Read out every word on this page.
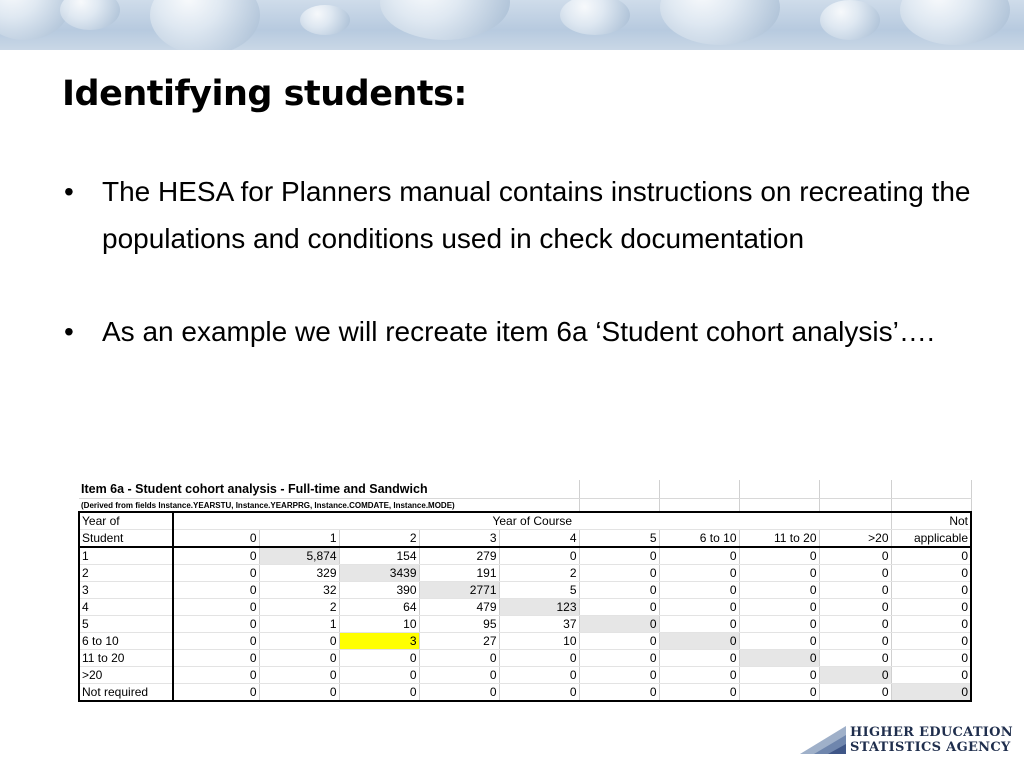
Identifying students:
• The HESA for Planners manual contains instructions on recreating the populations and conditions used in check documentation
• As an example we will recreate item 6a ‘Student cohort analysis’….
Item 6a - Student cohort analysis - Full-time and Sandwich										
(Derived from fields Instance.YEARSTU, Instance.YEARPRG, Instance.COMDATE, Instance.MODE)										
Year of	Year of Course									Not
Student	0	1	2	3	4	5	6 to 10	11 to 20	>20	applicable
1	0	5,874	154	279	0	0	0	0	0	0
2	0	329	3439	191	2	0	0	0	0	0
3	0	32	390	2771	5	0	0	0	0	0
4	0	2	64	479	123	0	0	0	0	0
5	0	1	10	95	37	0	0	0	0	0
6 to 10	0	0	3	27	10	0	0	0	0	0
11 to 20	0	0	0	0	0	0	0	0	0	0
>20	0	0	0	0	0	0	0	0	0	0
Not required	0	0	0	0	0	0	0	0	0	0
HIGHER EDUCATION
STATISTICS AGENCY
